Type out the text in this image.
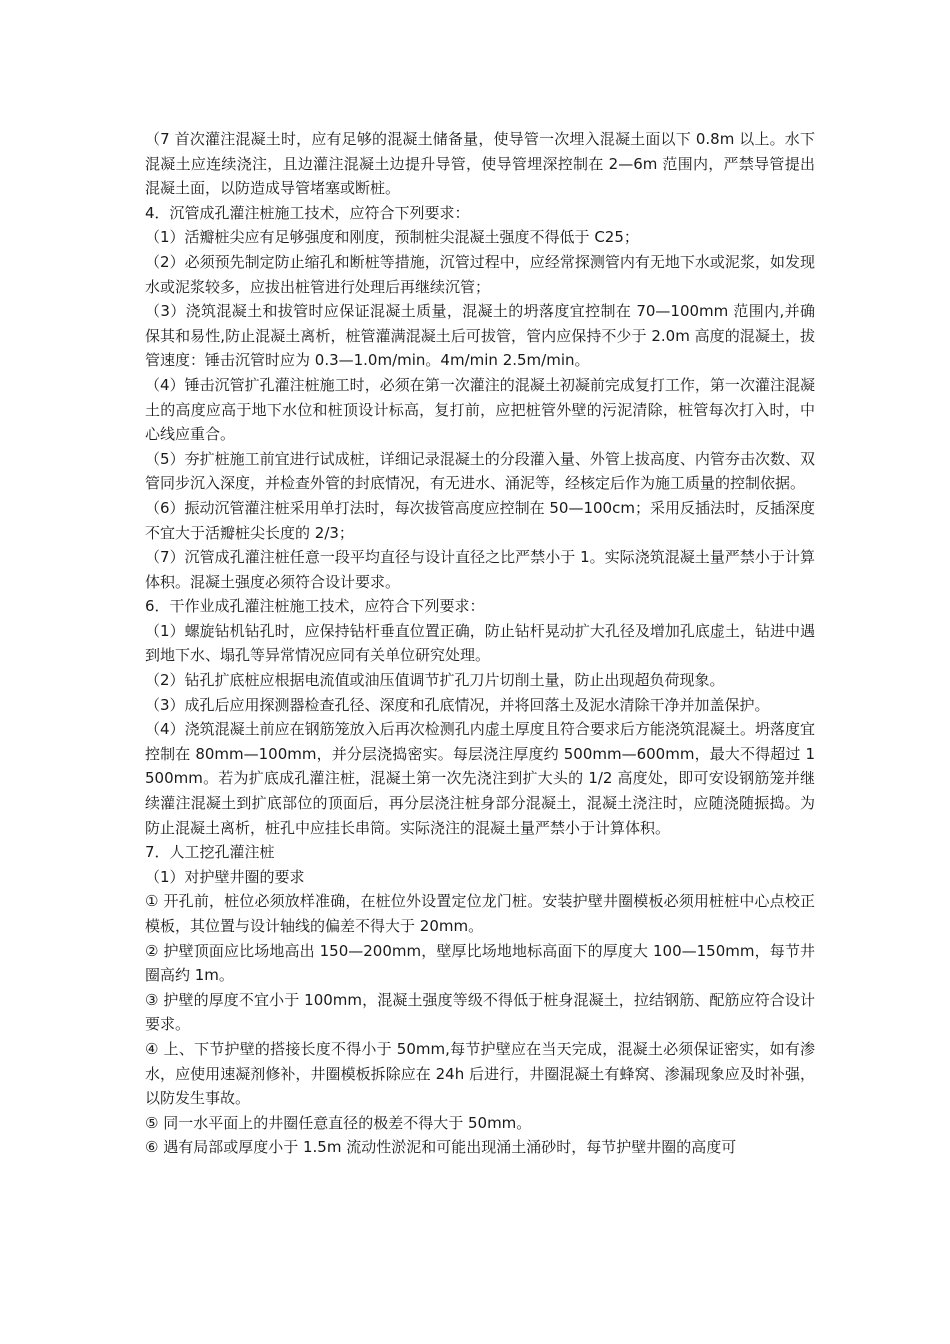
（7 首次灌注混凝土时，应有足够的混凝土储备量，使导管一次埋入混凝土面以下 0.8m 以上。水下混凝土应连续浇注，且边灌注混凝土边提升导管，使导管埋深控制在 2—6m 范围内，严禁导管提出混凝土面，以防造成导管堵塞或断桩。

4．沉管成孔灌注桩施工技术，应符合下列要求：

（1）活瓣桩尖应有足够强度和刚度，预制桩尖混凝土强度不得低于 C25；

（2）必须预先制定防止缩孔和断桩等措施，沉管过程中，应经常探测管内有无地下水或泥浆，如发现水或泥浆较多，应拔出桩管进行处理后再继续沉管；

（3）浇筑混凝土和拔管时应保证混凝土质量，混凝土的坍落度宜控制在 70—100mm 范围内,并确保其和易性,防止混凝土离析，桩管灌满混凝土后可拔管，管内应保持不少于 2.0m 高度的混凝土，拔管速度：锤击沉管时应为 0.3—1.0m/min。4m/min 2.5m/min。

（4）锤击沉管扩孔灌注桩施工时，必须在第一次灌注的混凝土初凝前完成复打工作，第一次灌注混凝土的高度应高于地下水位和桩顶设计标高，复打前，应把桩管外壁的污泥清除，桩管每次打入时，中心线应重合。

（5）夯扩桩施工前宜进行试成桩，详细记录混凝土的分段灌入量、外管上拔高度、内管夯击次数、双管同步沉入深度，并检查外管的封底情况，有无进水、涌泥等，经核定后作为施工质量的控制依据。

（6）振动沉管灌注桩采用单打法时，每次拔管高度应控制在 50—100cm；采用反插法时，反插深度不宜大于活瓣桩尖长度的 2/3；

（7）沉管成孔灌注桩任意一段平均直径与设计直径之比严禁小于 1。实际浇筑混凝土量严禁小于计算体积。混凝土强度必须符合设计要求。

6．干作业成孔灌注桩施工技术，应符合下列要求：

（1）螺旋钻机钻孔时，应保持钻杆垂直位置正确，防止钻杆晃动扩大孔径及增加孔底虚土，钻进中遇到地下水、塌孔等异常情况应同有关单位研究处理。

（2）钻孔扩底桩应根据电流值或油压值调节扩孔刀片切削土量，防止出现超负荷现象。

（3）成孔后应用探测器检查孔径、深度和孔底情况，并将回落土及泥水清除干净并加盖保护。

（4）浇筑混凝土前应在钢筋笼放入后再次检测孔内虚土厚度且符合要求后方能浇筑混凝土。坍落度宜控制在 80mm—100mm，并分层浇捣密实。每层浇注厚度约 500mm—600mm，最大不得超过 1500mm。若为扩底成孔灌注桩，混凝土第一次先浇注到扩大头的 1/2 高度处，即可安设钢筋笼并继续灌注混凝土到扩底部位的顶面后，再分层浇注桩身部分混凝土，混凝土浇注时，应随浇随振捣。为防止混凝土离析，桩孔中应挂长串筒。实际浇注的混凝土量严禁小于计算体积。

7．人工挖孔灌注桩

（1）对护壁井圈的要求

① 开孔前，桩位必须放样准确，在桩位外设置定位龙门桩。安装护壁井圈模板必须用桩桩中心点校正模板，其位置与设计轴线的偏差不得大于 20mm。

② 护壁顶面应比场地高出 150—200mm，壁厚比场地地标高面下的厚度大 100—150mm，每节井圈高约 1m。

③ 护壁的厚度不宜小于 100mm，混凝土强度等级不得低于桩身混凝土，拉结钢筋、配筋应符合设计要求。

④ 上、下节护壁的搭接长度不得小于 50mm,每节护壁应在当天完成，混凝土必须保证密实，如有渗水，应使用速凝剂修补，井圈模板拆除应在 24h 后进行，井圈混凝土有蜂窝、渗漏现象应及时补强，以防发生事故。

⑤ 同一水平面上的井圈任意直径的极差不得大于 50mm。

⑥ 遇有局部或厚度小于 1.5m 流动性淤泥和可能出现涌土涌砂时，每节护壁井圈的高度可
